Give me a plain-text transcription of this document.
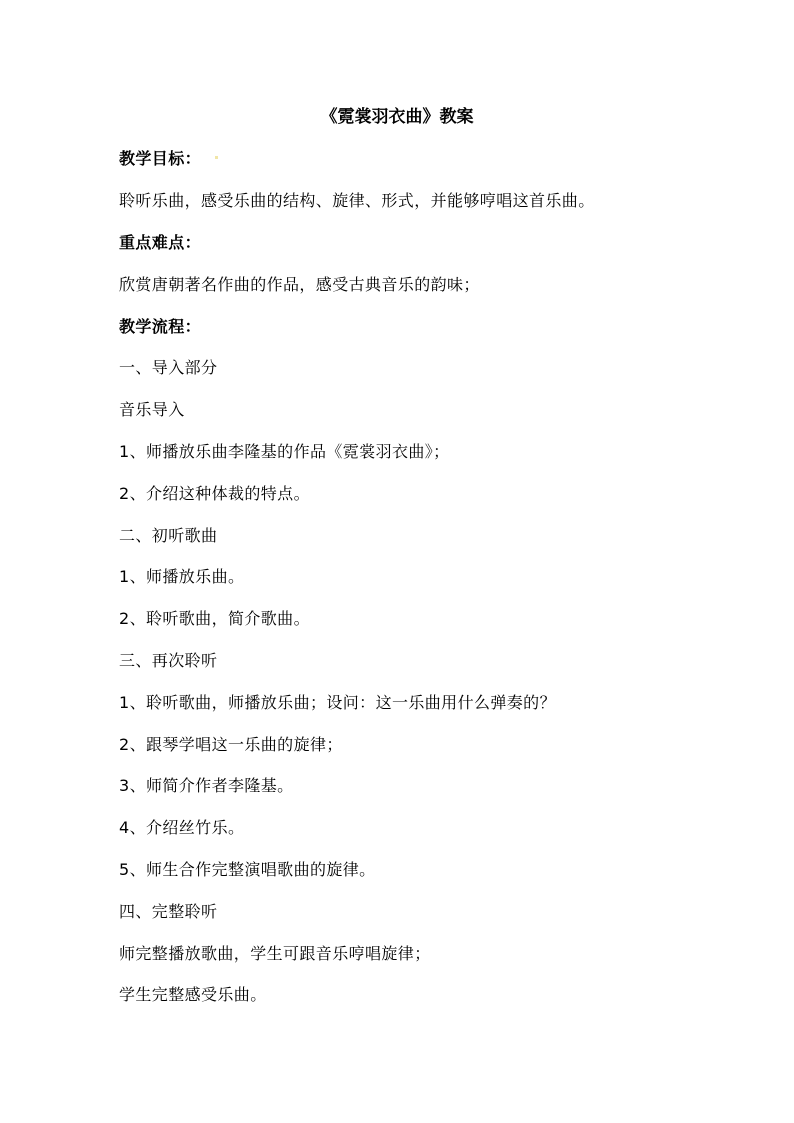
《霓裳羽衣曲》教案
教学目标：
聆听乐曲，感受乐曲的结构、旋律、形式，并能够哼唱这首乐曲。
重点难点：
欣赏唐朝著名作曲的作品，感受古典音乐的韵味；
教学流程：
一、导入部分
音乐导入
1、师播放乐曲李隆基的作品《霓裳羽衣曲》；
2、介绍这种体裁的特点。
二、初听歌曲
1、师播放乐曲。
2、聆听歌曲，简介歌曲。
三、再次聆听
1、聆听歌曲，师播放乐曲；设问：这一乐曲用什么弹奏的？
2、跟琴学唱这一乐曲的旋律；
3、师简介作者李隆基。
4、介绍丝竹乐。
5、师生合作完整演唱歌曲的旋律。
四、完整聆听
师完整播放歌曲，学生可跟音乐哼唱旋律；
学生完整感受乐曲。
